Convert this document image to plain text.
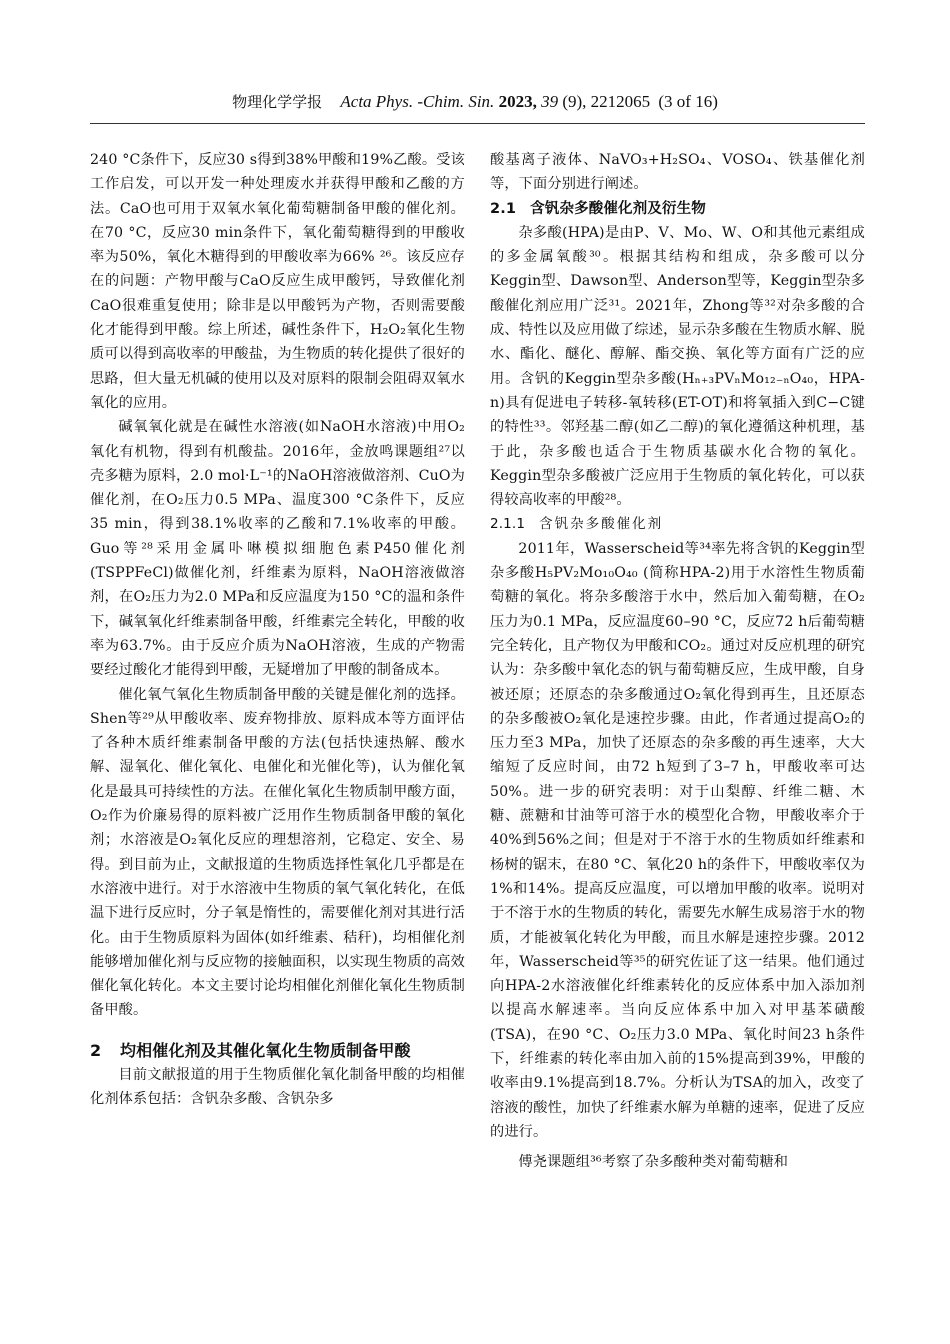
物理化学学报 Acta Phys. -Chim. Sin. 2023, 39 (9), 2212065 (3 of 16)

240 °C条件下，反应30 s得到38%甲酸和19%乙酸。受该工作启发，可以开发一种处理废水并获得甲酸和乙酸的方法。CaO也可用于双氧水氧化葡萄糖制备甲酸的催化剂。在70 °C，反应30 min条件下，氧化葡萄糖得到的甲酸收率为50%，氧化木糖得到的甲酸收率为66% ²⁶。该反应存在的问题：产物甲酸与CaO反应生成甲酸钙，导致催化剂CaO很难重复使用；除非是以甲酸钙为产物，否则需要酸化才能得到甲酸。综上所述，碱性条件下，H₂O₂氧化生物质可以得到高收率的甲酸盐，为生物质的转化提供了很好的思路，但大量无机碱的使用以及对原料的限制会阻碍双氧水氧化的应用。

碱氧氧化就是在碱性水溶液(如NaOH水溶液)中用O₂氧化有机物，得到有机酸盐。2016年，金放鸣课题组²⁷以壳多糖为原料，2.0 mol·L⁻¹的NaOH溶液做溶剂、CuO为催化剂，在O₂压力0.5 MPa、温度300 °C条件下，反应35 min，得到38.1%收率的乙酸和7.1%收率的甲酸。Guo等²⁸采用金属卟啉模拟细胞色素P450催化剂(TSPPFeCl)做催化剂，纤维素为原料，NaOH溶液做溶剂，在O₂压力为2.0 MPa和反应温度为150 °C的温和条件下，碱氧氧化纤维素制备甲酸，纤维素完全转化，甲酸的收率为63.7%。由于反应介质为NaOH溶液，生成的产物需要经过酸化才能得到甲酸，无疑增加了甲酸的制备成本。

催化氧气氧化生物质制备甲酸的关键是催化剂的选择。Shen等²⁹从甲酸收率、废弃物排放、原料成本等方面评估了各种木质纤维素制备甲酸的方法(包括快速热解、酸水解、湿氧化、催化氧化、电催化和光催化等)，认为催化氧化是最具可持续性的方法。在催化氧化生物质制甲酸方面，O₂作为价廉易得的原料被广泛用作生物质制备甲酸的氧化剂；水溶液是O₂氧化反应的理想溶剂，它稳定、安全、易得。到目前为止，文献报道的生物质选择性氧化几乎都是在水溶液中进行。对于水溶液中生物质的氧气氧化转化，在低温下进行反应时，分子氧是惰性的，需要催化剂对其进行活化。由于生物质原料为固体(如纤维素、秸秆)，均相催化剂能够增加催化剂与反应物的接触面积，以实现生物质的高效催化氧化转化。本文主要讨论均相催化剂催化氧化生物质制备甲酸。

2	均相催化剂及其催化氧化生物质制备甲酸

目前文献报道的用于生物质催化氧化制备甲酸的均相催化剂体系包括：含钒杂多酸、含钒杂多

酸基离子液体、NaVO₃+H₂SO₄、VOSO₄、铁基催化剂等，下面分别进行阐述。

2.1 含钒杂多酸催化剂及衍生物

杂多酸(HPA)是由P、V、Mo、W、O和其他元素组成的多金属氧酸³⁰。根据其结构和组成，杂多酸可以分Keggin型、Dawson型、Anderson型等，Keggin型杂多酸催化剂应用广泛³¹。2021年，Zhong等³²对杂多酸的合成、特性以及应用做了综述，显示杂多酸在生物质水解、脱水、酯化、醚化、醇解、酯交换、氧化等方面有广泛的应用。含钒的Keggin型杂多酸(Hₙ₊₃PVₙMo₁₂₋ₙO₄₀，HPA-n)具有促进电子转移-氧转移(ET-OT)和将氧插入到C−C键的特性³³。邻羟基二醇(如乙二醇)的氧化遵循这种机理，基于此，杂多酸也适合于生物质基碳水化合物的氧化。Keggin型杂多酸被广泛应用于生物质的氧化转化，可以获得较高收率的甲酸²⁸。

2.1.1 含钒杂多酸催化剂

2011年，Wasserscheid等³⁴率先将含钒的Keggin型杂多酸H₅PV₂Mo₁₀O₄₀ (简称HPA-2)用于水溶性生物质葡萄糖的氧化。将杂多酸溶于水中，然后加入葡萄糖，在O₂压力为0.1 MPa，反应温度60–90 °C，反应72 h后葡萄糖完全转化，且产物仅为甲酸和CO₂。通过对反应机理的研究认为：杂多酸中氧化态的钒与葡萄糖反应，生成甲酸，自身被还原；还原态的杂多酸通过O₂氧化得到再生，且还原态的杂多酸被O₂氧化是速控步骤。由此，作者通过提高O₂的压力至3 MPa，加快了还原态的杂多酸的再生速率，大大缩短了反应时间，由72 h短到了3–7 h，甲酸收率可达50%。进一步的研究表明：对于山梨醇、纤维二糖、木糖、蔗糖和甘油等可溶于水的模型化合物，甲酸收率介于40%到56%之间；但是对于不溶于水的生物质如纤维素和杨树的锯末，在80 °C、氧化20 h的条件下，甲酸收率仅为1%和14%。提高反应温度，可以增加甲酸的收率。说明对于不溶于水的生物质的转化，需要先水解生成易溶于水的物质，才能被氧化转化为甲酸，而且水解是速控步骤。2012年，Wasserscheid等³⁵的研究佐证了这一结果。他们通过向HPA-2水溶液催化纤维素转化的反应体系中加入添加剂以提高水解速率。当向反应体系中加入对甲基苯磺酸(TSA)，在90 °C、O₂压力3.0 MPa、氧化时间23 h条件下，纤维素的转化率由加入前的15%提高到39%，甲酸的收率由9.1%提高到18.7%。分析认为TSA的加入，改变了溶液的酸性，加快了纤维素水解为单糖的速率，促进了反应的进行。

傅尧课题组³⁶考察了杂多酸种类对葡萄糖和
